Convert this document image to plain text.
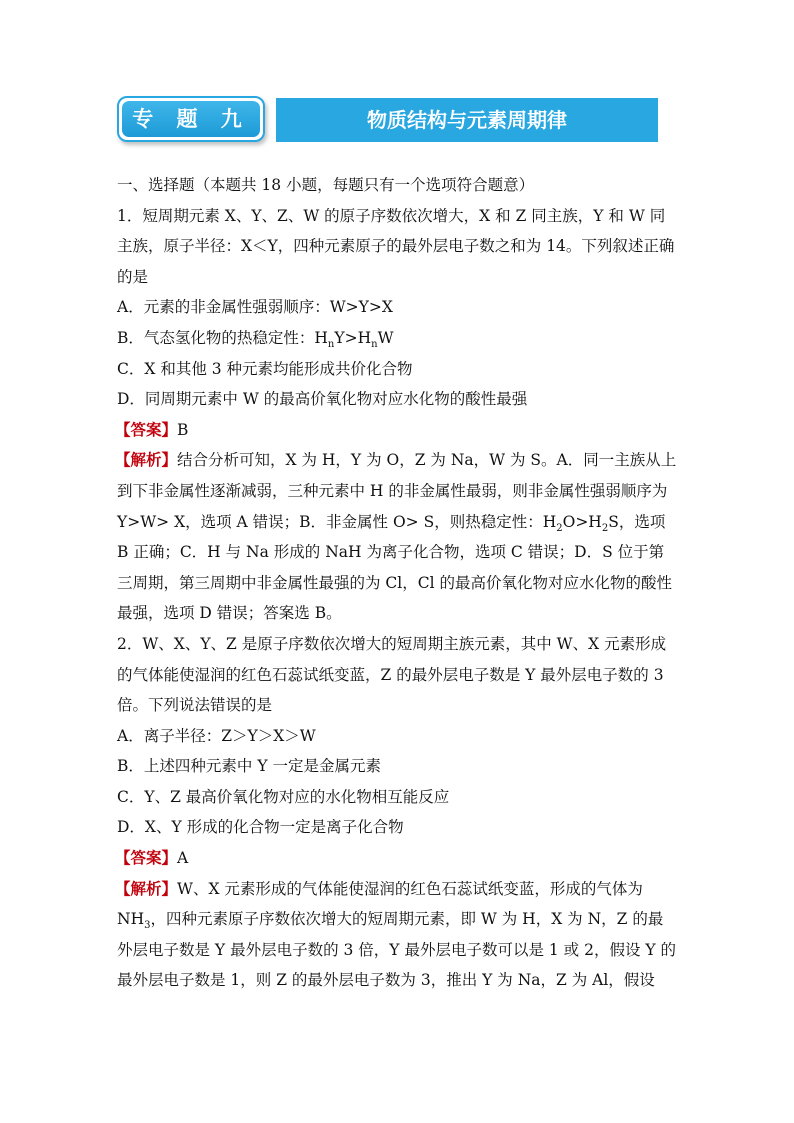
专 题 九	物质结构与元素周期律

一、选择题（本题共 18 小题，每题只有一个选项符合题意）

1．短周期元素 X、Y、Z、W 的原子序数依次增大，X 和 Z 同主族，Y 和 W 同主族，原子半径：X＜Y，四种元素原子的最外层电子数之和为 14。下列叙述正确的是

A．元素的非金属性强弱顺序：W>Y>X

B．气态氢化物的热稳定性：$H_nY>H_nW$

C．X 和其他 3 种元素均能形成共价化合物

D．同周期元素中 W 的最高价氧化物对应水化物的酸性最强

【答案】B

【解析】结合分析可知，X 为 H，Y 为 O，Z 为 Na，W 为 S。A．同一主族从上到下非金属性逐渐减弱，三种元素中 H 的非金属性最弱，则非金属性强弱顺序为 Y>W> X，选项 A 错误；B．非金属性 O> S，则热稳定性：$H_2O>H_2S$，选项 B 正确；C．H 与 Na 形成的 NaH 为离子化合物，选项 C 错误；D．S 位于第三周期，第三周期中非金属性最强的为 Cl，Cl 的最高价氧化物对应水化物的酸性最强，选项 D 错误；答案选 B。

2．W、X、Y、Z 是原子序数依次增大的短周期主族元素，其中 W、X 元素形成的气体能使湿润的红色石蕊试纸变蓝，Z 的最外层电子数是 Y 最外层电子数的 3 倍。下列说法错误的是

A．离子半径：Z＞Y＞X＞W

B．上述四种元素中 Y 一定是金属元素

C．Y、Z 最高价氧化物对应的水化物相互能反应

D．X、Y 形成的化合物一定是离子化合物

【答案】A

【解析】W、X 元素形成的气体能使湿润的红色石蕊试纸变蓝，形成的气体为 $NH_3$，四种元素原子序数依次增大的短周期元素，即 W 为 H，X 为 N，Z 的最外层电子数是 Y 最外层电子数的 3 倍，Y 最外层电子数可以是 1 或 2，假设 Y 的最外层电子数是 1，则 Z 的最外层电子数为 3，推出 Y 为 Na，Z 为 Al，假设
